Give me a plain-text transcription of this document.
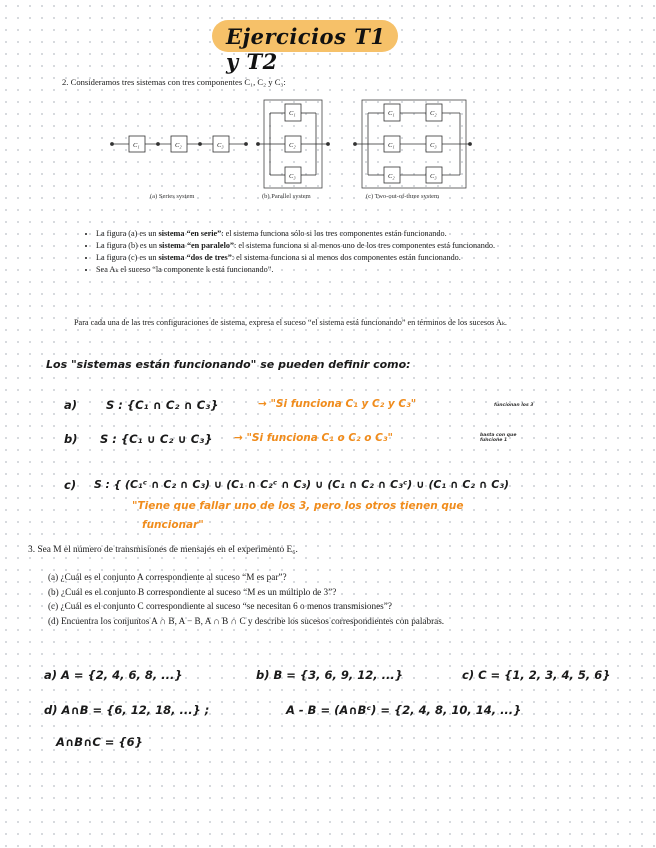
Ejercicios T1 y T2
2. Consideramos tres sistemas con tres componentes C₁, C₂ y C₃:
C₁	C₂	C₃
C₁
C₂
C₃
C₁	C₂
C₁	C₃
C₂	C₃
(a) Series system	(b) Parallel system	(c) Two-out-of-three system
• La figura (a) es un sistema “en serie”: el sistema funciona sólo si los tres componentes están funcionando.
• La figura (b) es un sistema “en paralelo”: el sistema funciona si al menos uno de los tres componentes está funcionando.
• La figura (c) es un sistema “dos de tres”: el sistema funciona si al menos dos componentes están funcionando.
• Sea Aₖ el suceso “la componente k está funcionando”.
Para cada una de las tres configuraciones de sistema, expresa el suceso “el sistema está funcionando” en términos de los sucesos Aₖ.
Los "sistemas están funcionando" se pueden definir como:
a)	S : {C₁ ∩ C₂ ∩ C₃}	→ "Si funciona C₁ y C₂ y C₃"	funcionan los 3
b) S : {C₁ ∪ C₂ ∪ C₃} → "Si funciona C₁ o C₂ o C₃"	basta con que funcione 1
c) S : { (C₁ᶜ ∩ C₂ ∩ C₃) ∪ (C₁ ∩ C₂ᶜ ∩ C₃) ∪ (C₁ ∩ C₂ ∩ C₃ᶜ) ∪ (C₁ ∩ C₂ ∩ C₃)
"Tiene que fallar uno de los 3, pero los otros tienen que
funcionar"
3. Sea M el número de transmisiones de mensajes en el experimento E₆.
(a) ¿Cuál es el conjunto A correspondiente al suceso “M es par”?
(b) ¿Cuál es el conjunto B correspondiente al suceso “M es un múltiplo de 3”?
(c) ¿Cuál es el conjunto C correspondiente al suceso “se necesitan 6 o menos transmisiones”?
(d) Encuentra los conjuntos A ∩ B, A − B, A ∩ B ∩ C y describe los sucesos correspondientes con palabras.
a) A = {2, 4, 6, 8, ...}	b) B = {3, 6, 9, 12, ...}	c) C = {1, 2, 3, 4, 5, 6}
d) A∩B = {6, 12, 18, ...} ;	A - B = (A∩Bᶜ) = {2, 4, 8, 10, 14, ...}
A∩B∩C = {6}
